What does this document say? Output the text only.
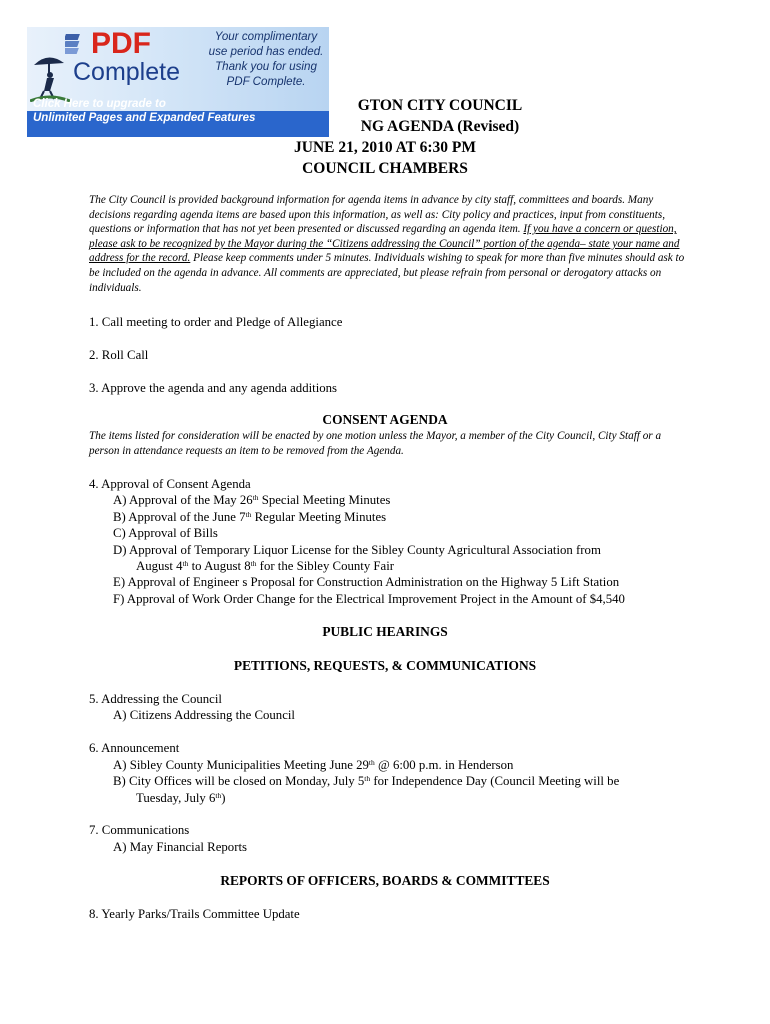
GTON CITY COUNCIL
NG AGENDA (Revised)
JUNE 21, 2010 AT 6:30 PM
COUNCIL CHAMBERS
PDF
Complete
Your complimentary
use period has ended.
Thank you for using
PDF Complete.
Click Here to upgrade to
Unlimited Pages and Expanded Features
The City Council is provided background information for agenda items in advance by city staff, committees and boards. Many decisions regarding agenda items are based upon this information, as well as: City policy and practices, input from constituents, questions or information that has not yet been presented or discussed regarding an agenda item. If you have a concern or question, please ask to be recognized by the Mayor during the “Citizens addressing the Council” portion of the agenda– state your name and address for the record. Please keep comments under 5 minutes. Individuals wishing to speak for more than five minutes should ask to be included on the agenda in advance. All comments are appreciated, but please refrain from personal or derogatory attacks on individuals.
1. Call meeting to order and Pledge of Allegiance
2. Roll Call
3. Approve the agenda and any agenda additions
CONSENT AGENDA
The items listed for consideration will be enacted by one motion unless the Mayor, a member of the City Council, City Staff or a person in attendance requests an item to be removed from the Agenda.
4. Approval of Consent Agenda
A) Approval of the May 26th Special Meeting Minutes
B) Approval of the June 7th Regular Meeting Minutes
C) Approval of Bills
D) Approval of Temporary Liquor License for the Sibley County Agricultural Association from
August 4th to August 8th for the Sibley County Fair
E) Approval of Engineer s Proposal for Construction Administration on the Highway 5 Lift Station
F) Approval of Work Order Change for the Electrical Improvement Project in the Amount of $4,540
PUBLIC HEARINGS
PETITIONS, REQUESTS, & COMMUNICATIONS
5. Addressing the Council
A) Citizens Addressing the Council
6. Announcement
A) Sibley County Municipalities Meeting June 29th @ 6:00 p.m. in Henderson
B) City Offices will be closed on Monday, July 5th for Independence Day (Council Meeting will be
Tuesday, July 6th)
7. Communications
A) May Financial Reports
REPORTS OF OFFICERS, BOARDS & COMMITTEES
8. Yearly Parks/Trails Committee Update
